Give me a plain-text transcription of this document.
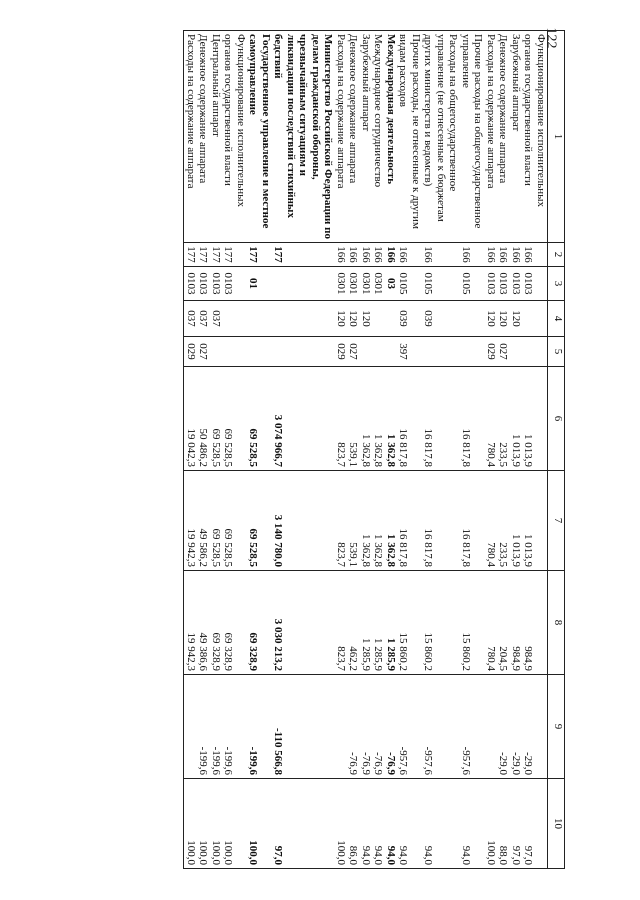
122
1	2	3	4	5	6	7	8	9	10
Функционирование исполнительных органов государственной власти	166	0103			1 013,9	1 013,9	984,9	-29,0	97,0
Зарубежный аппарат	166	0103	120		1 013,9	1 013,9	984,9	-29,0	97,0
Денежное содержание аппарата	166	0103	120	027	233,5	233,5	204,5	-29,0	88,0
Расходы на содержание аппарата	166	0103	120	029	780,4	780,4	780,4		100,0
Прочие расходы на общегосударственное управление	166	0105			16 817,8	16 817,8	15 860,2	-957,6	94,0
Расходы на общегосударственное управление (не отнесенные к бюджетам других министерств и ведомств)	166	0105	039		16 817,8	16 817,8	15 860,2	-957,6	94,0
Прочие расходы, не отнесенные к другим видам расходов	166	0105	039	397	16 817,8	16 817,8	15 860,2	-957,6	94,0
Международная деятельность	166	03			1 362,8	1 362,8	1 285,9	-76,9	94,0
Международное сотрудничество	166	0301			1 362,8	1 362,8	1 285,9	-76,9	94,0
Зарубежный аппарат	166	0301	120		1 362,8	1 362,8	1 285,9	-76,9	94,0
Денежное содержание аппарата	166	0301	120	027	539,1	539,1	462,2	-76,9	86,0
Расходы на содержание аппарата	166	0301	120	029	823,7	823,7	823,7		100,0
Министерство Российской Федерации по делам гражданской обороны, чрезвычайным ситуациям и ликвидации последствий стихийных бедствий	177				3 074 966,7	3 140 780,0	3 030 213,2	-110 566,8	97,0
Государственное управление и местное самоуправление	177	01			69 528,5	69 528,5	69 328,9	-199,6	100,0
Функционирование исполнительных органов государственной власти	177	0103			69 528,5	69 528,5	69 328,9	-199,6	100,0
Центральный аппарат	177	0103	037		69 528,5	69 528,5	69 328,9	-199,6	100,0
Денежное содержание аппарата	177	0103	037	027	50 486,2	49 586,2	49 386,6	-199,6	100,0
Расходы на содержание аппарата	177	0103	037	029	19 042,3	19 942,3	19 942,3		100,0
